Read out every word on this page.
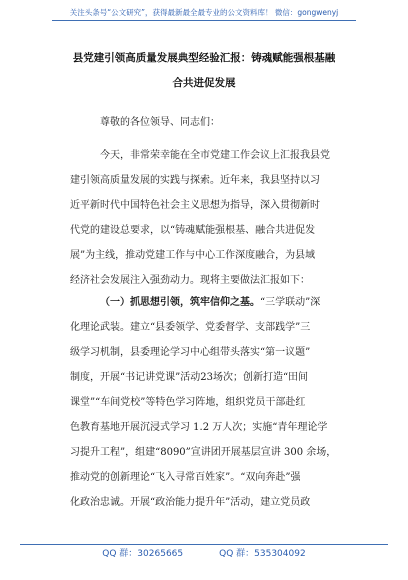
关注头条号“公文研究”，获得最新最全最专业的公文资料库！ 微信：gongwenyj
县党建引领高质量发展典型经验汇报：铸魂赋能强根基融
合共进促发展
尊敬的各位领导、同志们：
今天，非常荣幸能在全市党建工作会议上汇报我县党
建引领高质量发展的实践与探索。近年来，我县坚持以习
近平新时代中国特色社会主义思想为指导，深入贯彻新时
代党的建设总要求，以“铸魂赋能强根基、融合共进促发
展”为主线，推动党建工作与中心工作深度融合，为县域
经济社会发展注入强劲动力。现将主要做法汇报如下：
（一）抓思想引领，筑牢信仰之基。“三学联动”深
化理论武装。建立“县委领学、党委督学、支部践学”三
级学习机制，县委理论学习中心组带头落实“第一议题”
制度，开展“书记讲党课”活动23场次；创新打造“田间
课堂”“车间党校”等特色学习阵地，组织党员干部赴红
色教育基地开展沉浸式学习 1.2 万人次；实施“青年理论学
习提升工程”，组建“8090”宣讲团开展基层宣讲 300 余场，
推动党的创新理论“飞入寻常百姓家”。“双向奔赴”强
化政治忠诚。开展“政治能力提升年”活动，建立党员政
QQ 群：30265665	QQ 群：535304092
